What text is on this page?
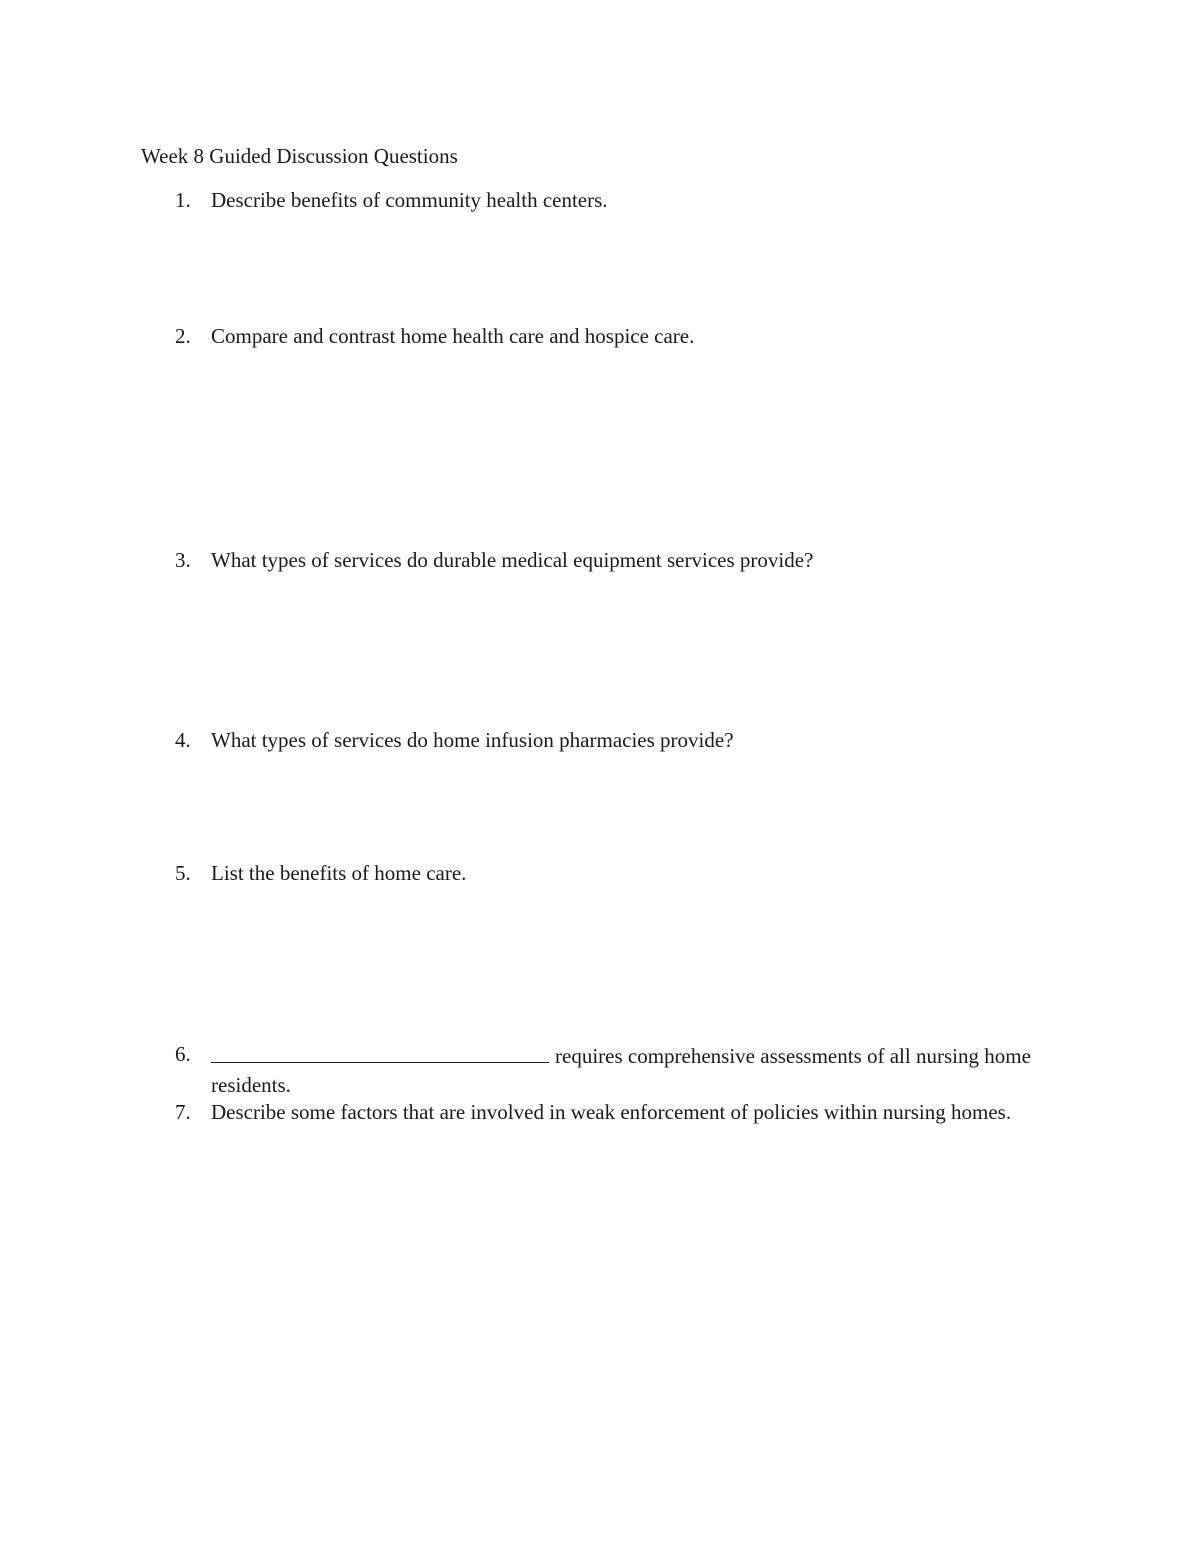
Week 8 Guided Discussion Questions
1. Describe benefits of community health centers.
2. Compare and contrast home health care and hospice care.
3. What types of services do durable medical equipment services provide?
4. What types of services do home infusion pharmacies provide?
5. List the benefits of home care.
6.	requires comprehensive assessments of all nursing home residents.
7. Describe some factors that are involved in weak enforcement of policies within nursing homes.
